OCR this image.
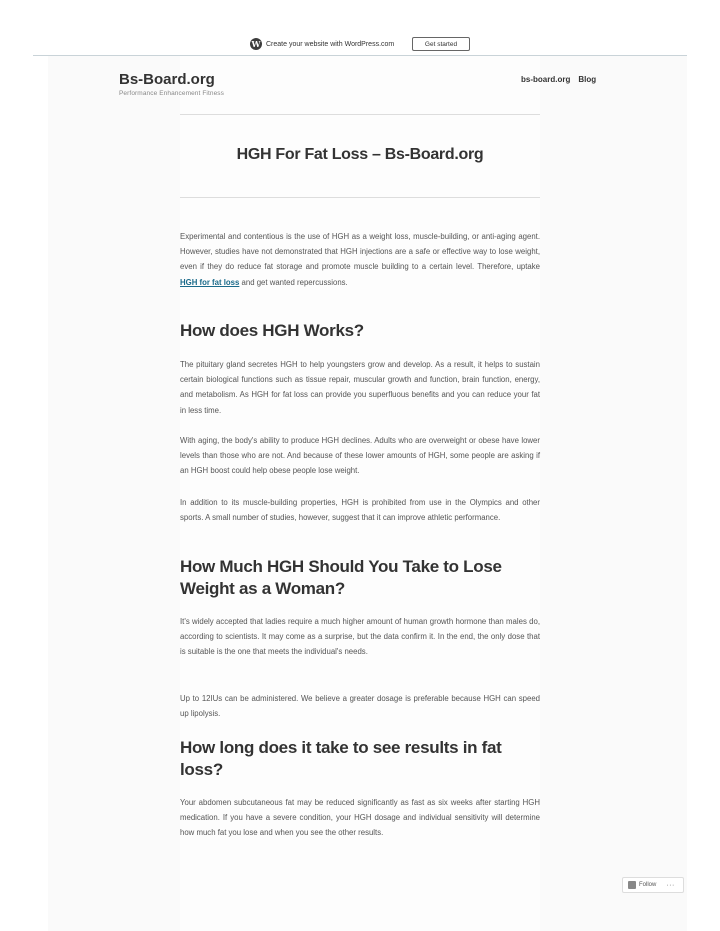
W Create your website with WordPress.com	Get started
Bs-Board.org
Performance Enhancement Fitness
bs-board.org Blog
HGH For Fat Loss – Bs-Board.org

Experimental and contentious is the use of HGH as a weight loss, muscle-building, or anti-aging agent. However, studies have not demonstrated that HGH injections are a safe or effective way to lose weight, even if they do reduce fat storage and promote muscle building to a certain level. Therefore, uptake HGH for fat loss and get wanted repercussions.

How does HGH Works?

The pituitary gland secretes HGH to help youngsters grow and develop. As a result, it helps to sustain certain biological functions such as tissue repair, muscular growth and function, brain function, energy, and metabolism. As HGH for fat loss can provide you superfluous benefits and you can reduce your fat in less time.

With aging, the body's ability to produce HGH declines. Adults who are overweight or obese have lower levels than those who are not. And because of these lower amounts of HGH, some people are asking if an HGH boost could help obese people lose weight.

In addition to its muscle-building properties, HGH is prohibited from use in the Olympics and other sports. A small number of studies, however, suggest that it can improve athletic performance.

How Much HGH Should You Take to Lose Weight as a Woman?

It's widely accepted that ladies require a much higher amount of human growth hormone than males do, according to scientists. It may come as a surprise, but the data confirm it. In the end, the only dose that is suitable is the one that meets the individual's needs.

Up to 12IUs can be administered. We believe a greater dosage is preferable because HGH can speed up lipolysis.

How long does it take to see results in fat loss?

Your abdomen subcutaneous fat may be reduced significantly as fast as six weeks after starting HGH medication. If you have a severe condition, your HGH dosage and individual sensitivity will determine how much fat you lose and when you see the other results.

Follow ···
